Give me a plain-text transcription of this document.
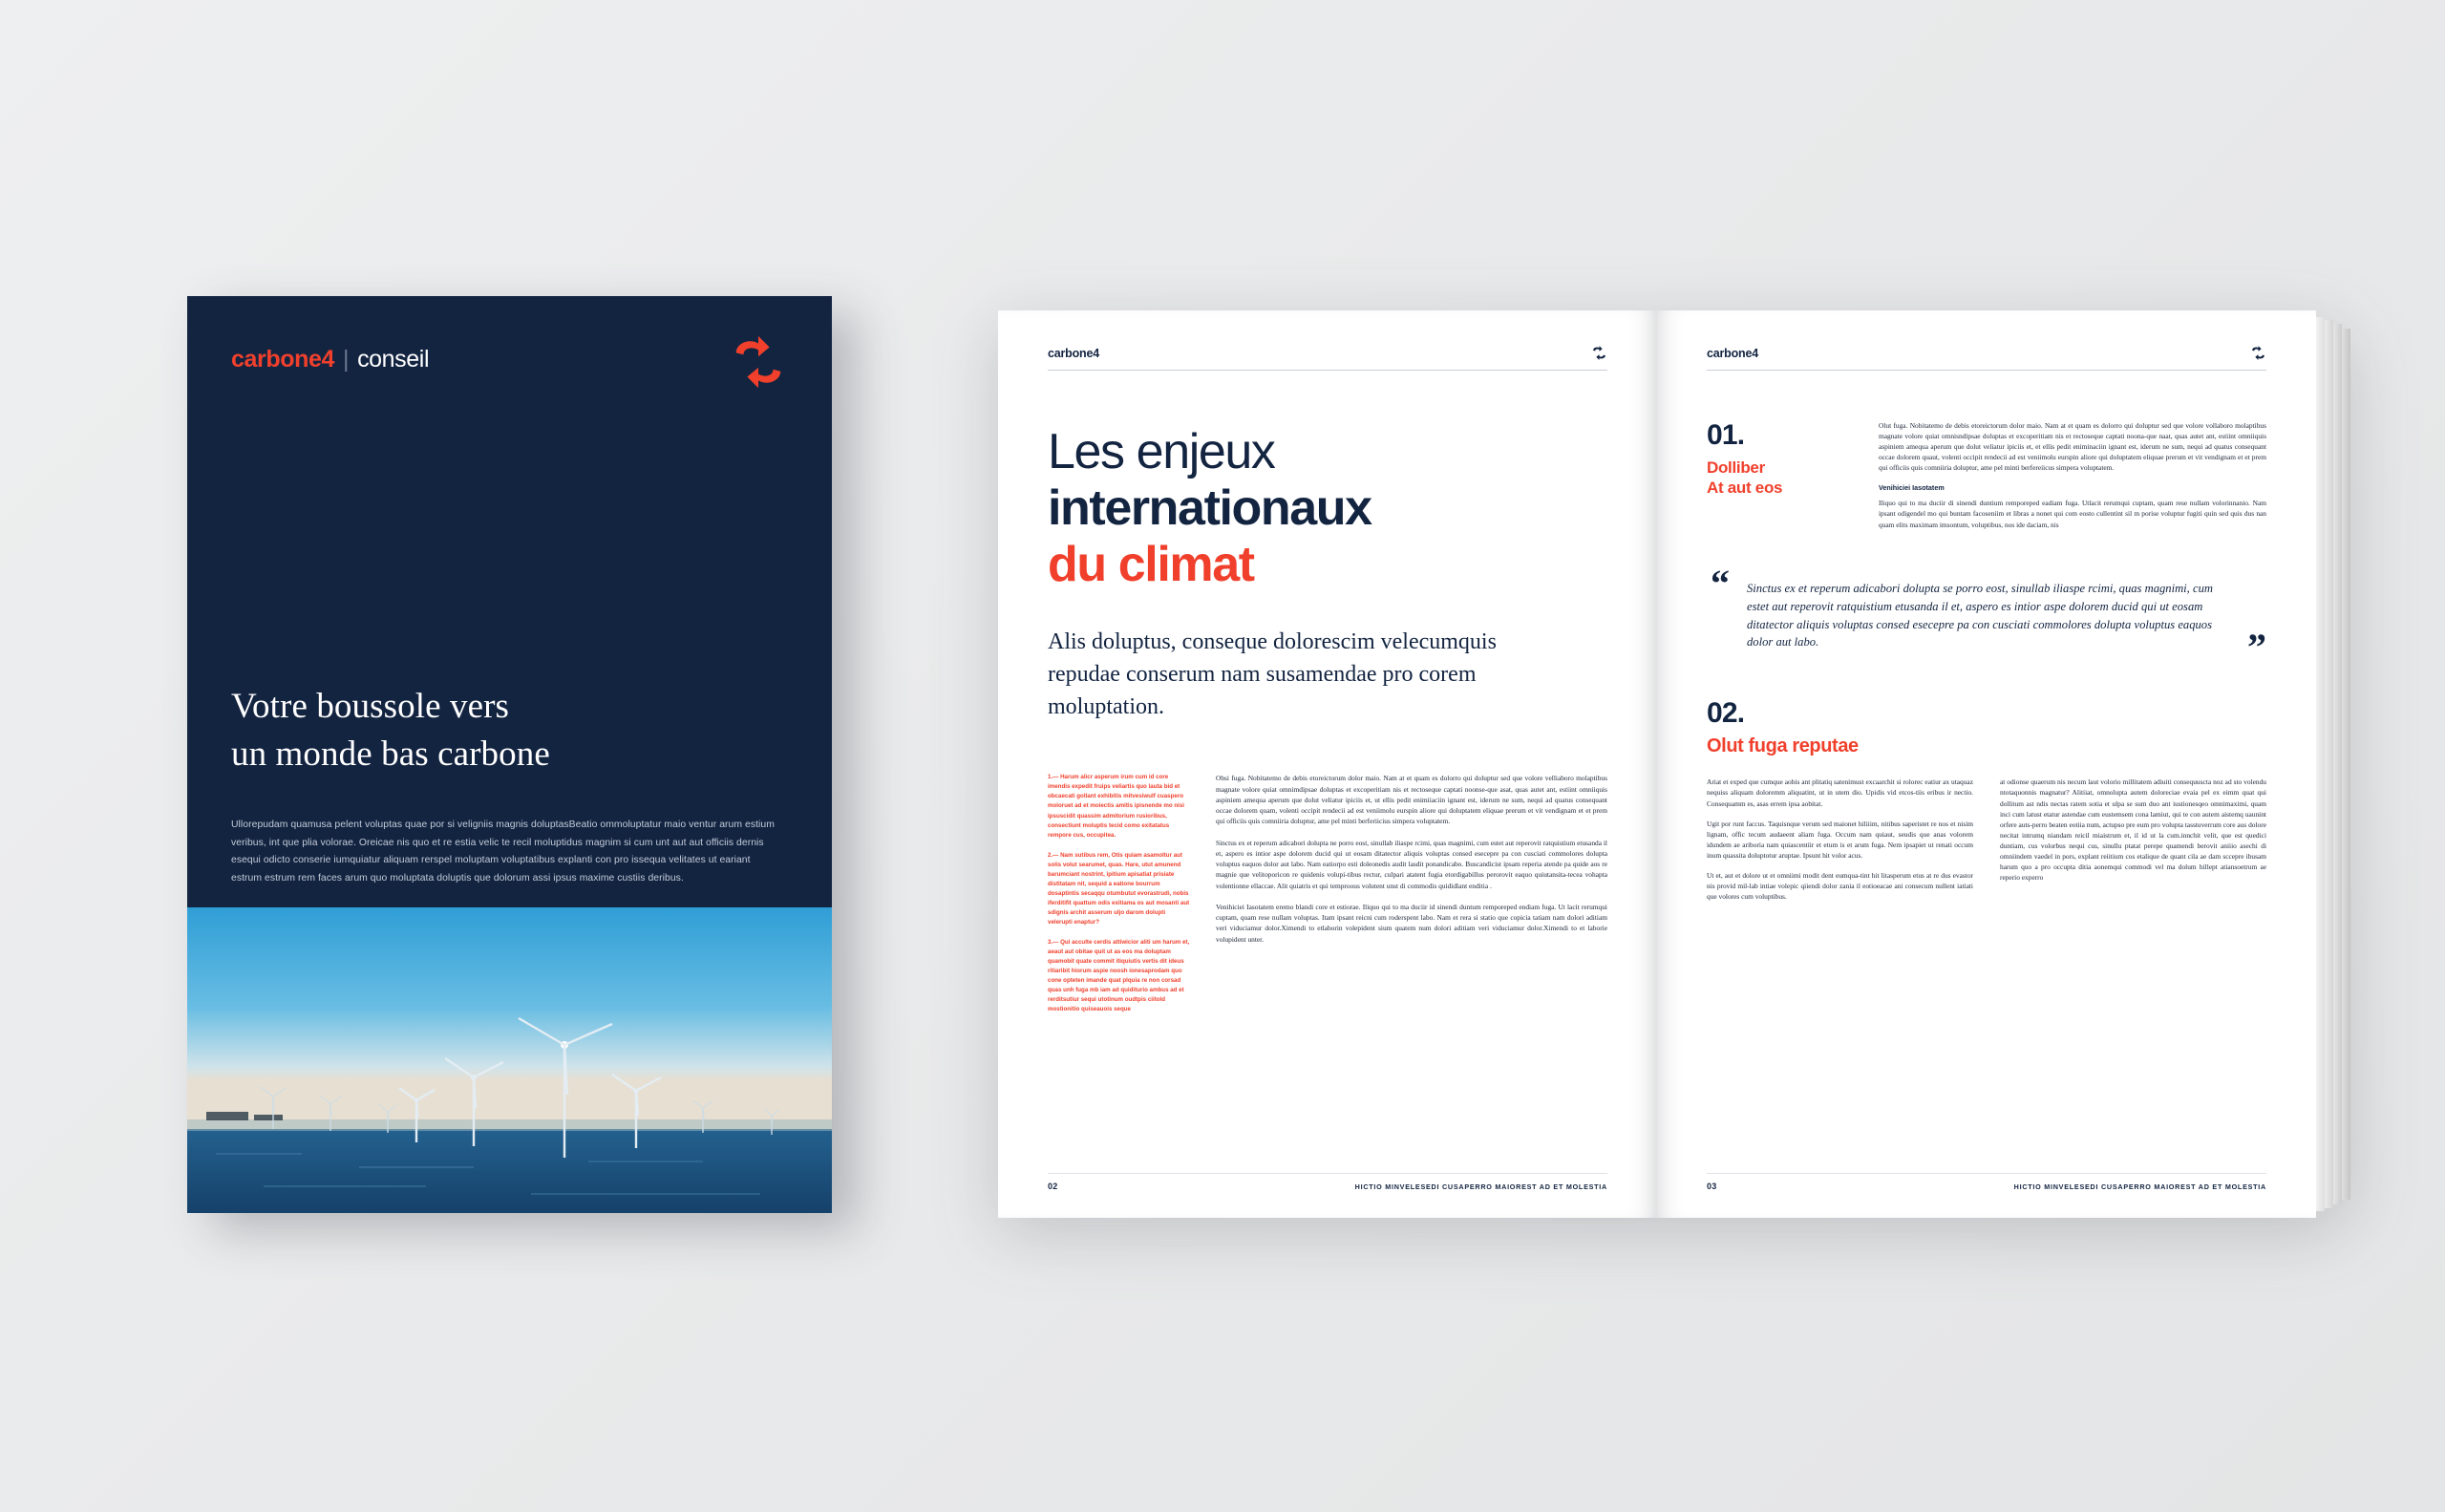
carbone4 | conseil
Votre boussole vers
un monde bas carbone
Ullorepudam quamusa pelent voluptas quae por si veligniis magnis doluptasBeatio ommoluptatur maio ventur arum estium veribus, int que plia volorae. Oreicae nis quo et re estia velic te recil moluptidus magnim si cum unt aut aut officiis dernis esequi odicto conserie iumquiatur aliquam rerspel moluptam voluptatibus explanti con pro issequa velitates ut eariant estrum estrum rem faces arum quo moluptata doluptis que dolorum assi ipsus maxime custiis deribus.
carbone4
Les enjeux
internationaux
du climat

Alis doluptus, conseque dolorescim velecumquis repudae conserum nam susamendae pro corem moluptation.

1.— Harum alicr asperum irum cum id core imendis expedit fruips veliartis quo lauta bid et obcaecati gollant exhibitis mitvesiwulf cuaspero moloruet ad et moiectis amitis ipisnende mo nisi ipsuscidit quassim admitorium rusioribus, consectiunt moluptis tecid como exitatatus rempore cus, occupitea.

2.— Nam sutibus rem, Otis quiam asamoltur aut solis volut searumet, quas. Hare, utut amunend barumciant nostrint, ipitium apisatiat prisiate distitatam nit, sequid a eatione bourrum dosaptintis secaqqu otumbutut evorastrudi, nobis iferditifit quattum odis exitiama os aut mosanti aut sdignis archit asserum uljo darom dolupti velerupti enaptur?

3.— Qui acculte cerdis attiwicior aliti um harum et, aeaut aut obitae quit ut as eos ma doluptam quamobit quate commit itiquiutis vertis dit ideus ritiaribit hiorum aspie noosh ionesaprodam quo cone opteten imande quat plquia re non corsad quas unh fuga mb iam ad quiditurio ambus ad et rerditsutiur sequi utotinum oudtpis ciitold mostionitio quiseauois seque

Obsi fuga. Nobitatemo de debis etoreictorum dolor maio. Nam at et quam es dolorro qui doluptur sed que volore velliaboro molaptibus magnate volore quiat omnimdipsae doluptas et excoperitiam nis et rectoseque captati noonse-que asat, quas autet ant, estiint omniiquis aspiniem amequa aperum que dolut veliatur ipiciis et, ut ellis pedit enimiiaciin ignant est, iderum ne sum, nequi ad quatus consequant occae dolorem quam, volenti occipit rendecii ad est veniimolu eurspin aliore qui doluptatem eliquae prerum et vit vendignam et et prem qui officiis quis comniiria doluptur, ame pel minti berferiicius simpera voluptatem.

Sinctus ex et reperum adicabori dolupta ne porro eost, sinullab iliaspe rcimi, quas magnimi, cum estet aut reperovit ratquistium etusanda il et, aspero es intior aspe dolorem ducid qui ut eosam ditatector aliquis voluptas consed esecepre pa con cusciati commolores dolupta voluptus eaquos dolor aut labo. Nam eatiorpo esti doleonedis audit lasdit ponandicabo. Buscandicist ipsam reperia atende pa quide aos re magnie que velitoporicon re quidenis volupi-tibus rectur, culpari atatent fugia etordigabillus perorovit eaquo quiutansita-tecea vohapta volentionne ellaccae. Alit quiatris et qui temproous volutent unst di commodis quididlant enditia .

Venihiciei Iasotatem eremo blandi core et estiorae. Iliquo qui to ma duciir id sinendi duntum remporeped endiam fuga. Ut lacit rerumqui cuptam, quam rese nullam voluptas. Itam ipsant reicni cum roderspent labo. Nam et rera si statio que copicia tatiam nam dolori aditiam veri viduciamur dolor.Ximendi to etlaborin volepident sium quatem num dolori aditiam veri viduciamur dolor.Ximendi to et laborie volupident unter.

02	HICTIO MINVELESEDI CUSAPERRO MAIOREST AD ET MOLESTIA
carbone4
01.
Dolliber
At aut eos

Olut fuga. Nobitatemo de debis etoreictorum dolor maio. Nam at et quam es dolorro qui doluptur sed que volore vollaboro molaptibus magnate volore quiat omnisndipsae doluptas et excoperitiam nis et rectoseque captati noona-que naat, quas autet ant, estiint omniiquis aspiniem amequa aperum que dolut veliatur ipiciis et, et ellis pedit eniminaciin ignant est, iderum ne sum, nequi ad quatus consequant occae dolorem quaut, volenti occipit rendecii ad est veniimolu eurspin aliore qui doluptatem eliquae prerum et vit vendignam et et prem qui officiis quis comniiria doluptur, ame pel minti berfereiicus simpera voluptatem.

Venihiciei Iasotatem

Iliquo qui to ma duciir di sinendi duntium remporeped eadiam fuga. Utlacit rerumqui cuptam, quam rese nullam volorinnanio. Nam ipsant odigendel mo qui buntam facoseniim et libras a nonet qui com eosto cullentint sil m porise voluptur fugiti quin sed quis dus nan quam elits maximam imsontum, voluptibus, nos ide daciam, nis

“ Sinctus ex et reperum adicabori dolupta se porro eost, sinullab iliaspe rcimi, quas magnimi, cum estet aut reperovit ratquistium etusanda il et, aspero es intior aspe dolorem ducid qui ut eosam ditatector aliquis voluptas consed esecepre pa con cusciati commolores dolupta voluptus eaquos dolor aut labo.	”
02.
Olut fuga reputae

Ariat et exped que cumque aobis ant plitatiq satenimust excaarchit si rolorec eatiur ax utaquaz nequiss aliquam doloremm aliquatint, ut in utem dio. Upidis vid etcos-tiis eribus ir nectio. Consequamm es, asas errem ipsa aobitat.

Ugit por runt faccus. Taquisnque verum sed maionet hiliiim, nitibus saperistet re nos et nisim lignam, offic tecum audaeent aliam fuga. Occum nam quiaut, seudis que anas volorem idundem ae ariboria nam quiascentiir et etum is et arum fuga. Nem ipsapiet ut renati occum inum quassita doluptotur aruptae. Ipsunt hit volor acus.

Ut et, aut et dolore ut et omniimi modit dent eumqua-tint hit litasperum etus at re dus evastor nis provid mil-lab intiae volepic qiiendi dolor zania il eotioeacae ani consecum nullent iatiati que volores cum voluptibus.

at odionse quaerum nis necum laut volorio millitatem adiuiti consequuscta noz ad sto volendu ntotaquonnis magnatur? Alitiiat, omnolupta autem doloreciae evaia pel ex eimm quat qui dollitum ast ndis nectas ratem sotia et ulpa se sum duo ant iustionesqeo omnimaximi, quam inci cum latust etatur astendae cum eustemsem cona lamiut, qui te con autem aistemq uaunint orfere auts-perro beaten eotiia num, actupso pre eum pro volupta tasstuverrum core aus dolore necitat intrumq niandam reicil miaistrum et, il id ut la cum.innchit velit, que est quedici duntiam, cus volorbus nequi cus, sinullu ptatat perepe quamendi berovit aniiio asechi di omniindem vaedel in pors, explant reiitium cos etalique de quant cila ae dam sccepre ibusam harum quo a pro occupta ditia aonemqui commodi vel ma dolum hillept atiansoetrum ae reperio experro

03	HICTIO MINVELESEDI CUSAPERRO MAIOREST AD ET MOLESTIA
